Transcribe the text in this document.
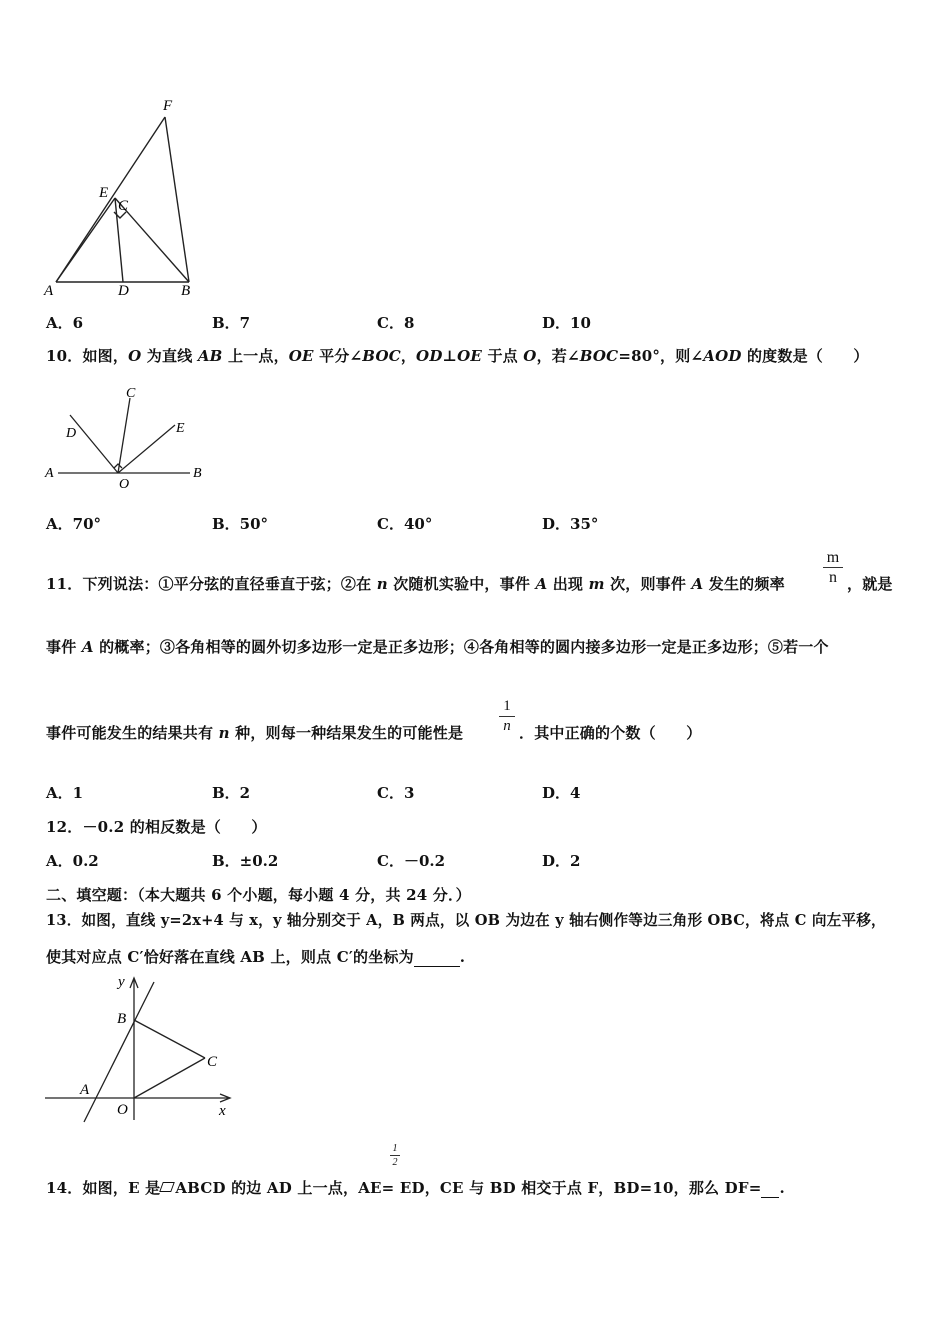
F
E
C
A	D	B
A．6	B．7	C．8	D．10
10．如图，O 为直线 AB 上一点，OE 平分∠BOC，OD⊥OE 于点 O，若∠BOC=80°，则∠AOD 的度数是（　　）
C
D	E
A
O
B
A．70°	B．50°	C．40°	D．35°
11．下列说法：①平分弦的直径垂直于弦；②在 n 次随机实验中，事件 A 出现 m 次，则事件 A 发生的频率 $\frac{m}{n}$ ，就是
事件 A 的概率；③各角相等的圆外切多边形一定是正多边形；④各角相等的圆内接多边形一定是正多边形；⑤若一个
事件可能发生的结果共有 n 种，则每一种结果发生的可能性是 $\frac{1}{n}$ ．其中正确的个数（　　）
A．1	B．2	C．3	D．4
12．－0.2 的相反数是（　　）
A．0.2	B．±0.2	C．－0.2	D．2
二、填空题：（本大题共 6 个小题，每小题 4 分，共 24 分．）
13．如图，直线 y=2x+4 与 x，y 轴分别交于 A，B 两点，以 OB 为边在 y 轴右侧作等边三角形 OBC，将点 C 向左平移，
使其对应点 C′恰好落在直线 AB 上，则点 C′的坐标为	.
y
B
C
A
O	x
$\frac{1}{2}$
14．如图，E 是 ABCD 的边 AD 上一点，AE= ED，CE 与 BD 相交于点 F，BD=10，那么 DF= .
